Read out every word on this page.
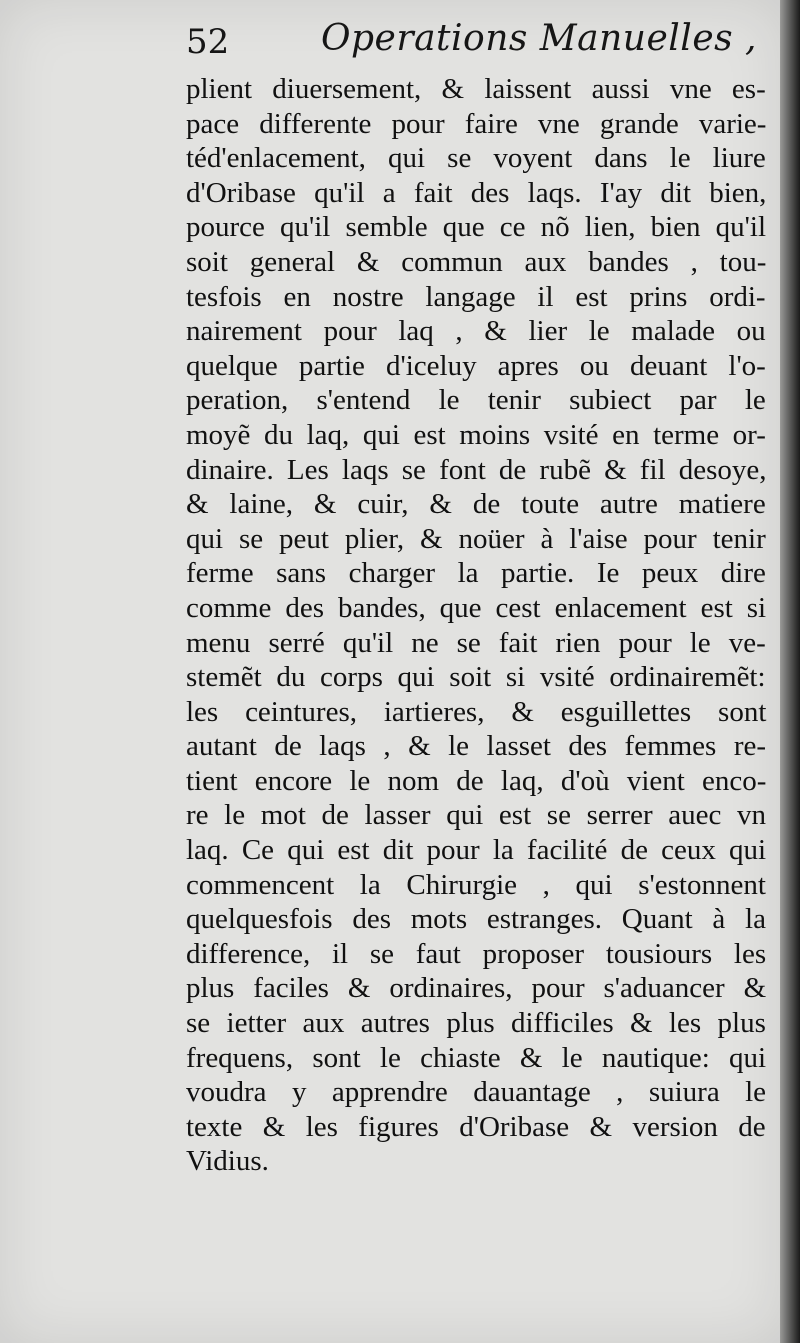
52	Operations Manuelles ,
plient diuersement, & laissent aussi vne es-
pace differente pour faire vne grande varie-
téd'enlacement, qui se voyent dans le liure
d'Oribase qu'il a fait des laqs. I'ay dit bien,
pource qu'il semble que ce nõ lien, bien qu'il
soit general & commun aux bandes , tou-
tesfois en nostre langage il est prins ordi-
nairement pour laq , & lier le malade ou
quelque partie d'iceluy apres ou deuant l'o-
peration, s'entend le tenir subiect par le
moyẽ du laq, qui est moins vsité en terme or-
dinaire. Les laqs se font de rubẽ & fil desoye,
& laine, & cuir, & de toute autre matiere
qui se peut plier, & noüer à l'aise pour tenir
ferme sans charger la partie. Ie peux dire
comme des bandes, que cest enlacement est si
menu serré qu'il ne se fait rien pour le ve-
stemẽt du corps qui soit si vsité ordinairemẽt:
les ceintures, iartieres, & esguillettes sont
autant de laqs , & le lasset des femmes re-
tient encore le nom de laq, d'où vient enco-
re le mot de lasser qui est se serrer auec vn
laq. Ce qui est dit pour la facilité de ceux qui
commencent la Chirurgie , qui s'estonnent
quelquesfois des mots estranges. Quant à la
difference, il se faut proposer tousiours les
plus faciles & ordinaires, pour s'aduancer &
se ietter aux autres plus difficiles & les plus
frequens, sont le chiaste & le nautique: qui
voudra y apprendre dauantage , suiura le
texte & les figures d'Oribase & version de
Vidius.
